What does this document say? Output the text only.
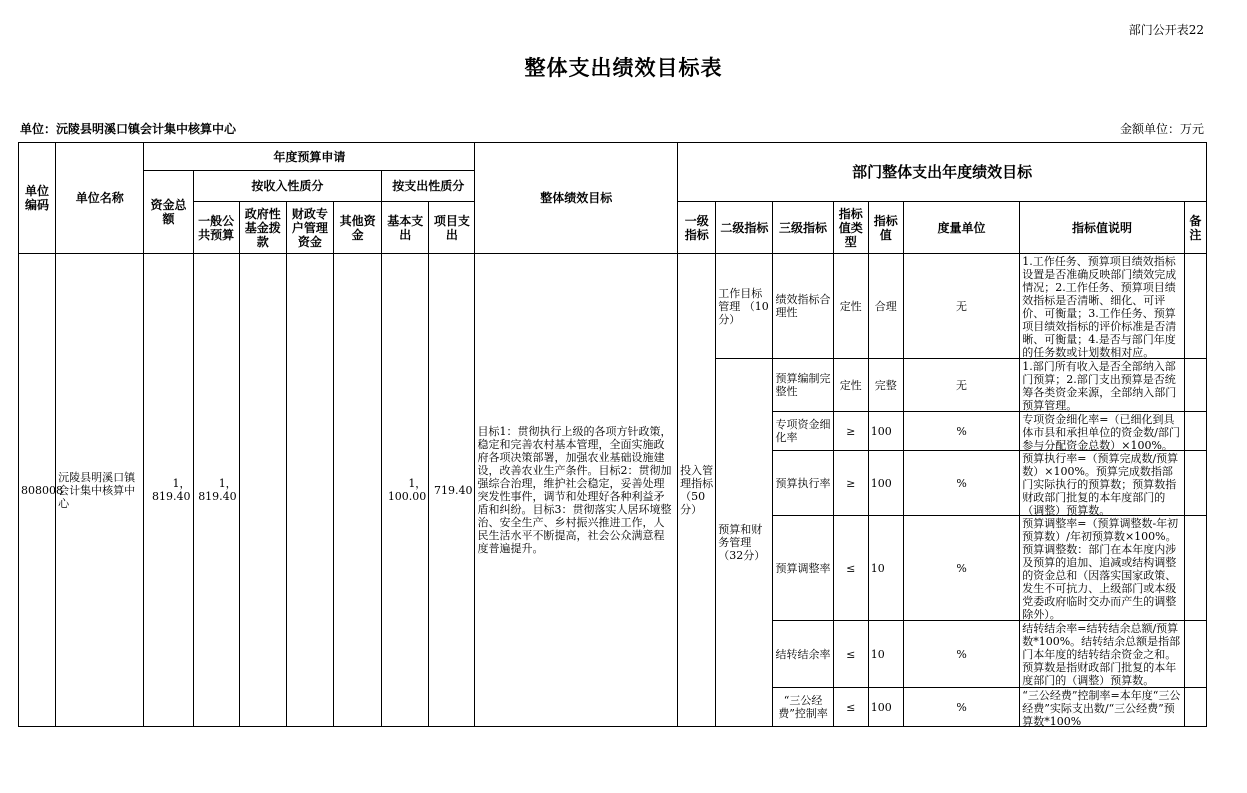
部门公开表22
整体支出绩效目标表
单位：沅陵县明溪口镇会计集中核算中心	金额单位：万元
单位编码	单位名称	年度预算申请							整体绩效目标	部门整体支出年度绩效目标							
		资金总额	按收入性质分				按支出性质分										
			一般公共预算	政府性基金拨款	财政专户管理资金	其他资金	基本支出	项目支出		一级指标	二级指标	三级指标	指标值类型	指标值	度量单位	指标值说明	备注
808008	沅陵县明溪口镇会计集中核算中心	1，819.40	1，819.40				1，100.00	719.40	目标1：贯彻执行上级的各项方针政策，稳定和完善农村基本管理，全面实施政府各项决策部署，加强农业基础设施建设，改善农业生产条件。目标2：贯彻加强综合治理，维护社会稳定，妥善处理突发性事件，调节和处理好各种利益矛盾和纠纷。目标3：贯彻落实人居环境整治、安全生产、乡村振兴推进工作，人民生活水平不断提高，社会公众满意程度普遍提升。	投入管理指标（50分）	工作目标管理 （10分）	绩效指标合理性	定性	合理	无	1.工作任务、预算项目绩效指标设置是否准确反映部门绩效完成情况；2.工作任务、预算项目绩效指标是否清晰、细化、可评价、可衡量；3.工作任务、预算项目绩效指标的评价标准是否清晰、可衡量；4.是否与部门年度的任务数或计划数相对应。	

											预算和财务管理（32分）	预算编制完整性	定性	完整	无	1.部门所有收入是否全部纳入部门预算；2.部门支出预算是否统筹各类资金来源，全部纳入部门预算管理。	

												专项资金细化率	≥	100	%	专项资金细化率=（已细化到具体市县和承担单位的资金数/部门参与分配资金总数）×100%。	

												预算执行率	≥	100	%	预算执行率=（预算完成数/预算数）×100%。预算完成数指部门实际执行的预算数；预算数指财政部门批复的本年度部门的（调整）预算数。	

												预算调整率	≤	10	%	预算调整率=（预算调整数-年初预算数）/年初预算数×100%。预算调整数：部门在本年度内涉及预算的追加、追减或结构调整的资金总和（因落实国家政策、发生不可抗力、上级部门或本级党委政府临时交办而产生的调整除外）。	

												结转结余率	≤	10	%	结转结余率=结转结余总额/预算数*100%。结转结余总额是指部门本年度的结转结余资金之和。预算数是指财政部门批复的本年度部门的（调整）预算数。	

												“三公经费”控制率	≤	100	%	“三公经费”控制率=本年度“三公经费”实际支出数/“三公经费”预算数*100%	
